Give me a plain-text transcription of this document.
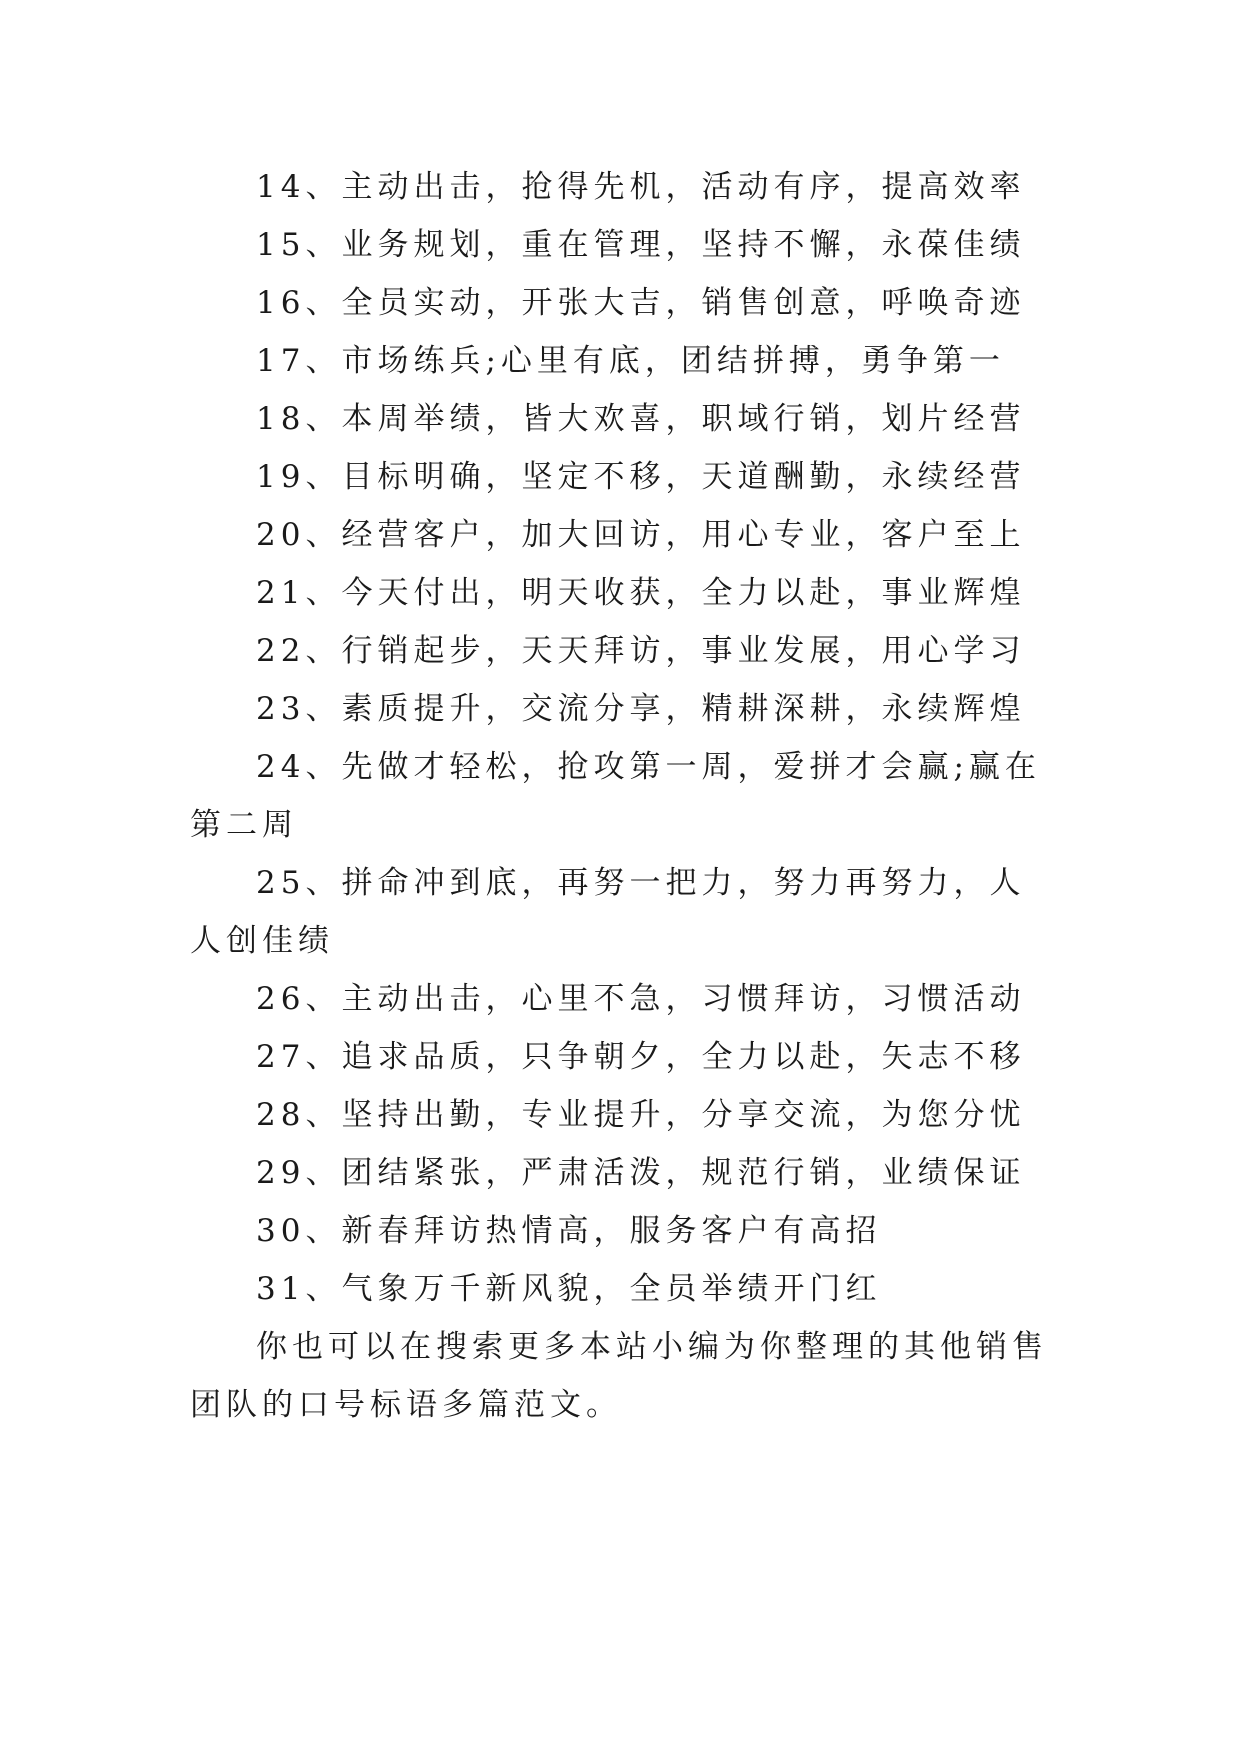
14、主动出击，抢得先机，活动有序，提高效率

15、业务规划，重在管理，坚持不懈，永葆佳绩

16、全员实动，开张大吉，销售创意，呼唤奇迹

17、市场练兵;心里有底，团结拼搏，勇争第一

18、本周举绩，皆大欢喜，职域行销，划片经营

19、目标明确，坚定不移，天道酬勤，永续经营

20、经营客户，加大回访，用心专业，客户至上

21、今天付出，明天收获，全力以赴，事业辉煌

22、行销起步，天天拜访，事业发展，用心学习

23、素质提升，交流分享，精耕深耕，永续辉煌

24、先做才轻松，抢攻第一周，爱拼才会赢;赢在第二周

25、拼命冲到底，再努一把力，努力再努力，人人创佳绩

26、主动出击，心里不急，习惯拜访，习惯活动

27、追求品质，只争朝夕，全力以赴，矢志不移

28、坚持出勤，专业提升，分享交流，为您分忧

29、团结紧张，严肃活泼，规范行销，业绩保证

30、新春拜访热情高，服务客户有高招

31、气象万千新风貌，全员举绩开门红

你也可以在搜索更多本站小编为你整理的其他销售团队的口号标语多篇范文。
